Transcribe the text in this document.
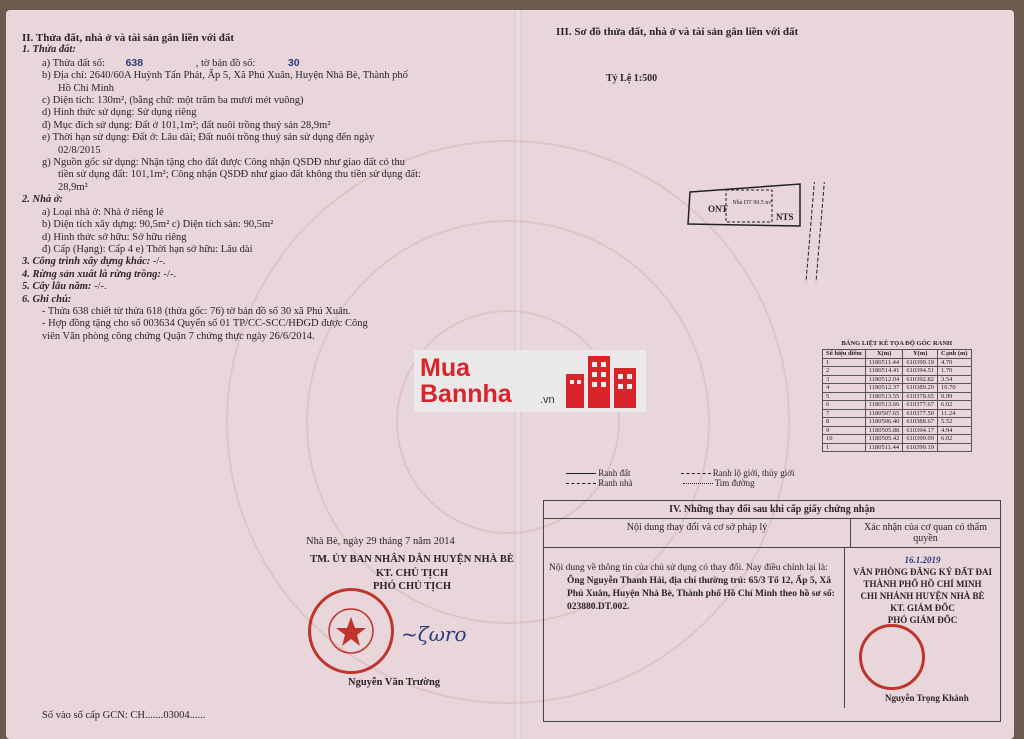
II. Thửa đất, nhà ở và tài sản gắn liền với đất
1. Thửa đất:
a) Thửa đất số: 638	, tờ bản đồ số:	30
b) Địa chỉ: 2640/60A Huỳnh Tấn Phát, Ấp 5, Xã Phú Xuân, Huyện Nhà Bè, Thành phố
Hồ Chí Minh
c) Diện tích: 130m², (bằng chữ: một trăm ba mươi mét vuông)
d) Hình thức sử dụng: Sử dụng riêng
đ) Mục đích sử dụng: Đất ở 101,1m²; đất nuôi trồng thuỷ sản 28,9m²
e) Thời hạn sử dụng: Đất ở: Lâu dài; Đất nuôi trồng thuỷ sản sử dụng đến ngày
02/8/2015
g) Nguồn gốc sử dụng: Nhận tặng cho đất được Công nhận QSDĐ như giao đất có thu
tiền sử dụng đất: 101,1m²; Công nhận QSDĐ như giao đất không thu tiền sử dụng đất:
28,9m²
2. Nhà ở:
a) Loại nhà ở: Nhà ở riêng lẻ
b) Diện tích xây dựng: 90,5m² c) Diện tích sàn: 90,5m²
d) Hình thức sở hữu: Sở hữu riêng
đ) Cấp (Hạng): Cấp 4 e) Thời hạn sở hữu: Lâu dài
3. Công trình xây dựng khác: -/-.
4. Rừng sản xuất là rừng trồng: -/-.
5. Cây lâu năm: -/-.
6. Ghi chú:
- Thửa 638 chiết từ thửa 618 (thửa gốc: 76) tờ bản đồ số 30 xã Phú Xuân.
- Hợp đồng tặng cho số 003634 Quyển số 01 TP/CC-SCC/HĐGD được Công
viên Văn phòng công chứng Quận 7 chứng thực ngày 26/6/2014.
Nhà Bè, ngày 29 tháng 7 năm 2014
TM. ỦY BAN NHÂN DÂN HUYỆN NHÀ BÈ
KT. CHỦ TỊCH
PHÓ CHỦ TỊCH
~ζωro
Nguyễn Văn Trường
Số vào sổ cấp GCN: CH.......03004......
III. Sơ đồ thửa đất, nhà ở và tài sản gắn liền với đất
Tỷ Lệ 1:500
ONT
NTS
Nhà DT 90.5 m²
BẢNG LIỆT KÊ TỌA ĐỘ GÓC RANH
Số hiệu điểm	X(m)	Y(m)	Cạnh (m)
1	1180511.44	610399.19	4.70
2	1180514.41	610394.51	1.70
3	1180512.04	610392.82	3.54
4	1180512.37	610389.29	10.70
5	1180513.55	610378.65	0.99
6	1180513.66	610377.67	6.02
7	1180507.65	610377.50	11.24
8	1180506.40	610388.67	5.52
9	1180505.88	610394.17	4.94
10	1180505.42	610399.09	6.02
1	1180511.44	610399.19	
Ranh đất	Ranh lộ giới, thủy giới
Ranh nhà	Tim đường
IV. Những thay đổi sau khi cấp giấy chứng nhận
Nội dung thay đổi và cơ sở pháp lý	Xác nhận của cơ quan có thẩm quyền
Nội dung về thông tin của chủ sử dụng có thay đổi. Nay điều chỉnh lại là:
Ông Nguyễn Thanh Hải, địa chỉ thường trú: 65/3 Tổ 12, Ấp 5, Xã Phú Xuân, Huyện Nhà Bè, Thành phố Hồ Chí Minh theo hồ sơ số: 023880.DT.002.
16.1.2019
VĂN PHÒNG ĐĂNG KÝ ĐẤT ĐAI
THÀNH PHỐ HỒ CHÍ MINH
CHI NHÁNH HUYỆN NHÀ BÈ
KT. GIÁM ĐỐC
PHÓ GIÁM ĐỐC
Nguyễn Trọng Khánh
Mua
Bannha	.vn
